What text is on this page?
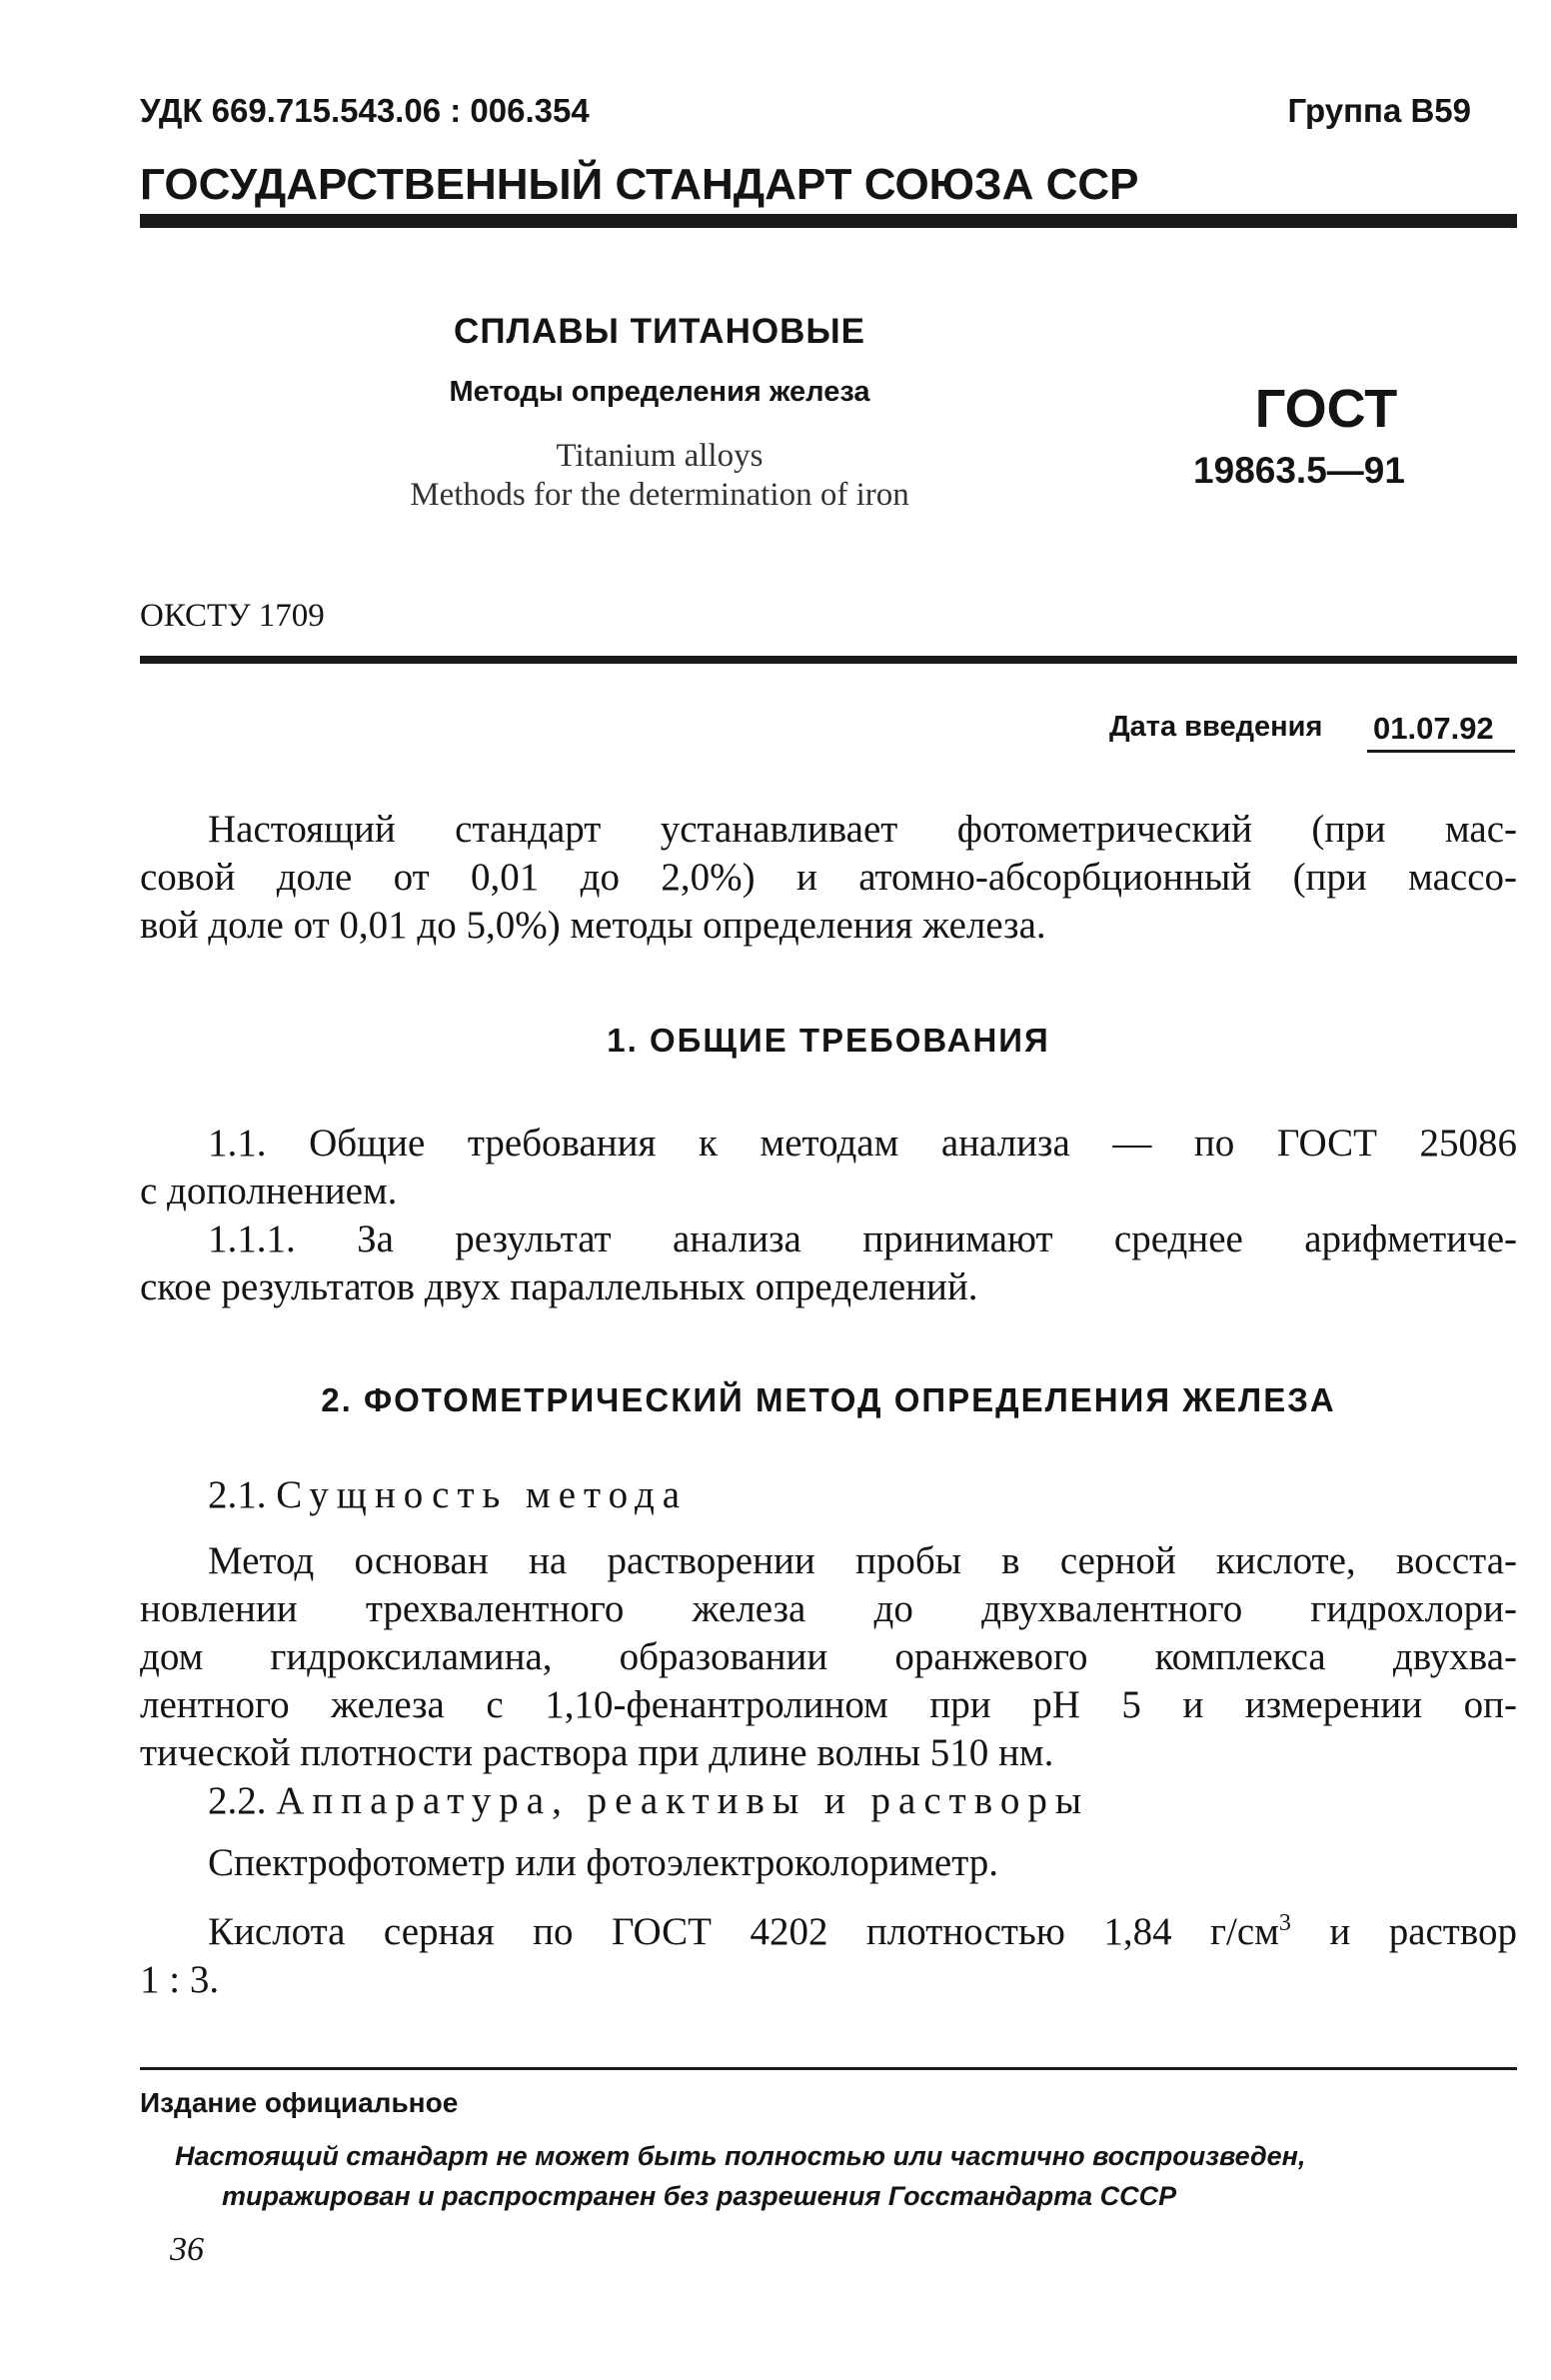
УДК 669.715.543.06 : 006.354	Группа В59
ГОСУДАРСТВЕННЫЙ СТАНДАРТ СОЮЗА ССР
СПЛАВЫ ТИТАНОВЫЕ
Методы определения железа
Titanium alloys
Methods for the determination of iron
ГОСТ
19863.5—91
ОКСТУ 1709
Дата введения 01.07.92
Настоящий стандарт устанавливает фотометрический (при мас-
совой доле от 0,01 до 2,0%) и атомно-абсорбционный (при массо-
вой доле от 0,01 до 5,0%) методы определения железа.
1. ОБЩИЕ ТРЕБОВАНИЯ
1.1. Общие требования к методам анализа — по ГОСТ 25086
с дополнением.
1.1.1. За результат анализа принимают среднее арифметиче-
ское результатов двух параллельных определений.
2. ФОТОМЕТРИЧЕСКИЙ МЕТОД ОПРЕДЕЛЕНИЯ ЖЕЛЕЗА
2.1. Сущность метода
Метод основан на растворении пробы в серной кислоте, восста-
новлении трехвалентного железа до двухвалентного гидрохлори-
дом гидроксиламина, образовании оранжевого комплекса двухва-
лентного железа с 1,10-фенантролином при pH 5 и измерении оп-
тической плотности раствора при длине волны 510 нм.
2.2. Аппаратура, реактивы и растворы
Спектрофотометр или фотоэлектроколориметр.
Кислота серная по ГОСТ 4202 плотностью 1,84 $г/см^3$ и раствор
1 : 3.
Издание официальное
Настоящий стандарт не может быть полностью или частично воспроизведен,
тиражирован и распространен без разрешения Госстандарта СССР
36
